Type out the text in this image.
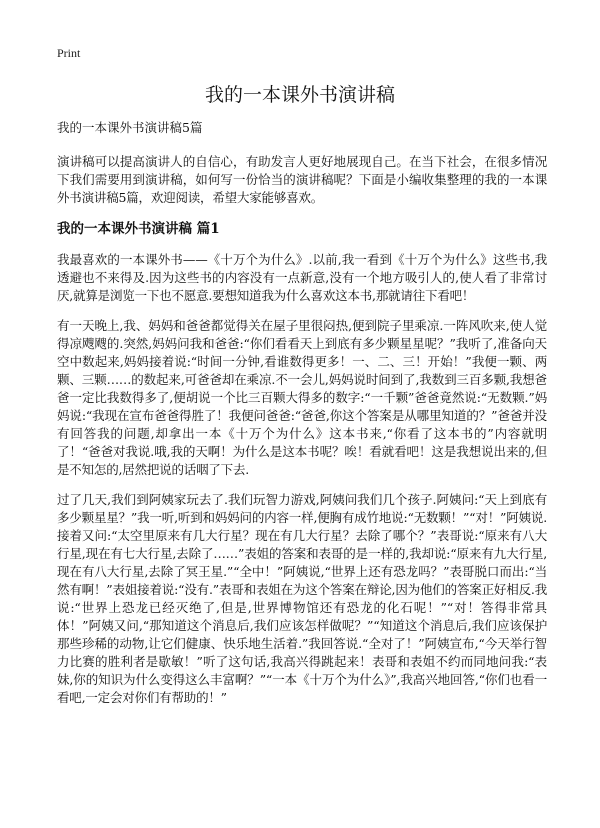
Print
我的一本课外书演讲稿
我的一本课外书演讲稿5篇

演讲稿可以提高演讲人的自信心，有助发言人更好地展现自己。在当下社会，在很多情况下我们需要用到演讲稿，如何写一份恰当的演讲稿呢？下面是小编收集整理的我的一本课外书演讲稿5篇，欢迎阅读，希望大家能够喜欢。

我的一本课外书演讲稿 篇1

我最喜欢的一本课外书——《十万个为什么》.以前,我一看到《十万个为什么》这些书,我透避也不来得及.因为这些书的内容没有一点新意,没有一个地方吸引人的,使人看了非常讨厌,就算是浏览一下也不愿意.要想知道我为什么喜欢这本书,那就请往下看吧！

有一天晚上,我、妈妈和爸爸都觉得关在屋子里很闷热,便到院子里乘凉.一阵风吹来,使人觉得凉飕飕的.突然,妈妈问我和爸爸:“你们看看天上到底有多少颗星星呢？”我听了,准备向天空中数起来,妈妈接着说:“时间一分钟,看谁数得更多！一、二、三！开始！”我便一颗、两颗、三颗……的数起来,可爸爸却在乘凉.不一会儿,妈妈说时间到了,我数到三百多颗,我想爸爸一定比我数得多了,便胡说一个比三百颗大得多的数字:“一千颗”爸爸竟然说:“无数颗.”妈妈说:“我现在宣布爸爸得胜了！我便问爸爸:“爸爸,你这个答案是从哪里知道的？”爸爸并没有回答我的问题,却拿出一本《十万个为什么》这本书来,“你看了这本书的”内容就明了！“爸爸对我说.哦,我的天啊！为什么是这本书呢？唉！看就看吧！这是我想说出来的,但是不知怎的,居然把说的话咽了下去.

过了几天,我们到阿姨家玩去了.我们玩智力游戏,阿姨问我们几个孩子.阿姨问:“天上到底有多少颗星星？”我一听,听到和妈妈问的内容一样,便胸有成竹地说:“无数颗！”“对！”阿姨说.接着又问:“太空里原来有几大行星？现在有几大行星？去除了哪个？”表哥说:“原来有八大行星,现在有七大行星,去除了……”表姐的答案和表哥的是一样的,我却说:“原来有九大行星,现在有八大行星,去除了冥王星.”“全中！”阿姨说,“世界上还有恐龙吗？”表哥脱口而出:“当然有啊！”表姐接着说:“没有.”表哥和表姐在为这个答案在辩论,因为他们的答案正好相反.我说:“世界上恐龙已经灭绝了,但是,世界博物馆还有恐龙的化石呢！”“对！答得非常具体！”阿姨又问,“那知道这个消息后,我们应该怎样做呢？”“知道这个消息后,我们应该保护那些珍稀的动物,让它们健康、快乐地生活着.”我回答说.“全对了！”阿姨宣布,“今天举行智力比赛的胜利者是歇敏！”听了这句话,我高兴得跳起来！表哥和表姐不约而同地问我:“表妹,你的知识为什么变得这么丰富啊？”“一本《十万个为什么》”,我高兴地回答,“你们也看一看吧,一定会对你们有帮助的！”
